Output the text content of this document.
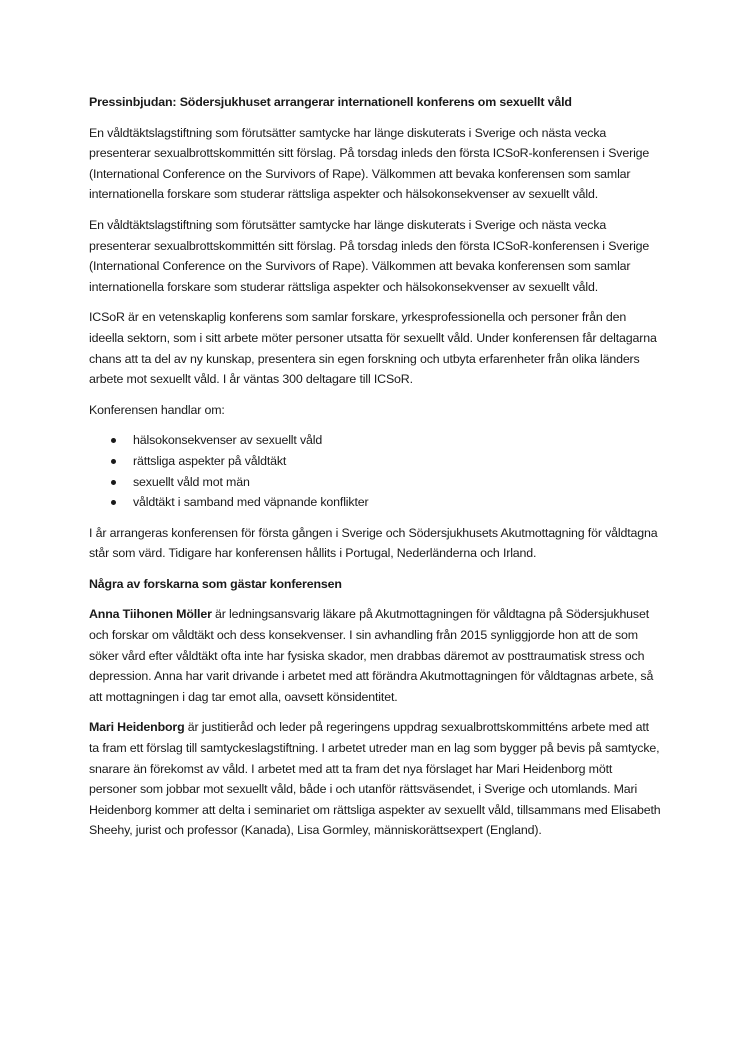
Pressinbjudan: Södersjukhuset arrangerar internationell konferens om sexuellt våld

En våldtäktslagstiftning som förutsätter samtycke har länge diskuterats i Sverige och nästa vecka presenterar sexualbrottskommittén sitt förslag. På torsdag inleds den första ICSoR-konferensen i Sverige (International Conference on the Survivors of Rape). Välkommen att bevaka konferensen som samlar internationella forskare som studerar rättsliga aspekter och hälsokonsekvenser av sexuellt våld.

En våldtäktslagstiftning som förutsätter samtycke har länge diskuterats i Sverige och nästa vecka presenterar sexualbrottskommittén sitt förslag. På torsdag inleds den första ICSoR-konferensen i Sverige (International Conference on the Survivors of Rape). Välkommen att bevaka konferensen som samlar internationella forskare som studerar rättsliga aspekter och hälsokonsekvenser av sexuellt våld.

ICSoR är en vetenskaplig konferens som samlar forskare, yrkesprofessionella och personer från den ideella sektorn, som i sitt arbete möter personer utsatta för sexuellt våld. Under konferensen får deltagarna chans att ta del av ny kunskap, presentera sin egen forskning och utbyta erfarenheter från olika länders arbete mot sexuellt våld. I år väntas 300 deltagare till ICSoR.

Konferensen handlar om:

hälsokonsekvenser av sexuellt våld
rättsliga aspekter på våldtäkt
sexuellt våld mot män
våldtäkt i samband med väpnande konflikter

I år arrangeras konferensen för första gången i Sverige och Södersjukhusets Akutmottagning för våldtagna står som värd. Tidigare har konferensen hållits i Portugal, Nederländerna och Irland.

Några av forskarna som gästar konferensen

Anna Tiihonen Möller är ledningsansvarig läkare på Akutmottagningen för våldtagna på Södersjukhuset och forskar om våldtäkt och dess konsekvenser. I sin avhandling från 2015 synliggjorde hon att de som söker vård efter våldtäkt ofta inte har fysiska skador, men drabbas däremot av posttraumatisk stress och depression. Anna har varit drivande i arbetet med att förändra Akutmottagningen för våldtagnas arbete, så att mottagningen i dag tar emot alla, oavsett könsidentitet.

Mari Heidenborg är justitieråd och leder på regeringens uppdrag sexualbrottskommitténs arbete med att ta fram ett förslag till samtyckeslagstiftning. I arbetet utreder man en lag som bygger på bevis på samtycke, snarare än förekomst av våld. I arbetet med att ta fram det nya förslaget har Mari Heidenborg mött personer som jobbar mot sexuellt våld, både i och utanför rättsväsendet, i Sverige och utomlands. Mari Heidenborg kommer att delta i seminariet om rättsliga aspekter av sexuellt våld, tillsammans med Elisabeth Sheehy, jurist och professor (Kanada), Lisa Gormley, människorättsexpert (England).
